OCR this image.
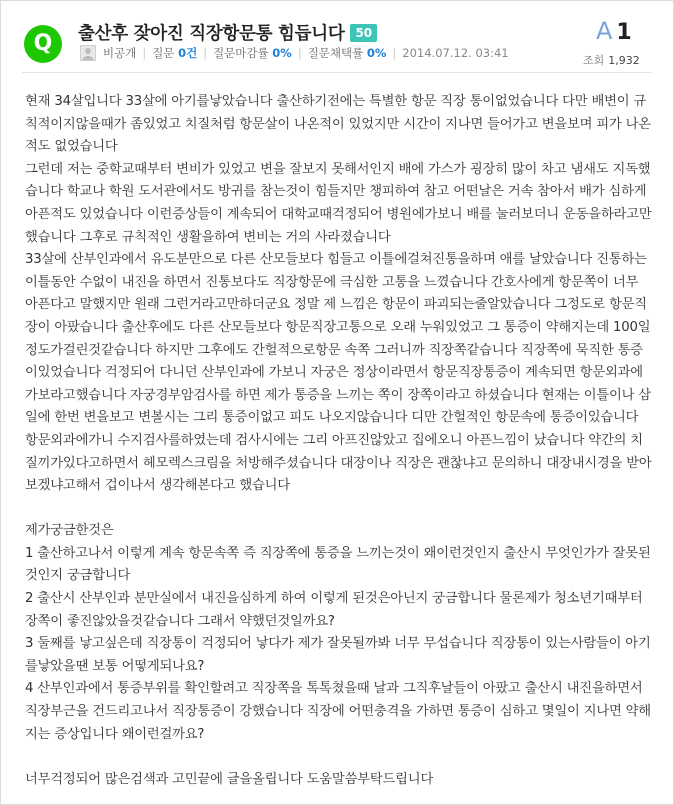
Q	출산후 잦아진 직장항문통 힘듭니다 50
비공개 | 질문
0건 | 질문마감률
0% | 질문채택률
0% | 2014.07.12. 03:41
A 1
조회 1,932

현재 34살입니다 33살에 아기를낳았습니다 출산하기전에는 특별한 항문 직장 통이없었습니다 다만 배변이 규칙적이지않을때가 좀있었고 치질처럼 항문살이 나온적이 있었지만 시간이 지나면 들어가고 변을보며 피가 나온적도 없었습니다

그런데 저는 중학교때부터 변비가 있었고 변을 잘보지 못해서인지 배에 가스가 굉장히 많이 차고 냄새도 지독했습니다 학교나 학원 도서관에서도 방귀를 참는것이 힘들지만 챙피하여 참고 어떤날은 거속 참아서 배가 심하게아픈적도 있었습니다 이런증상들이 계속되어 대학교때걱정되어 병원에가보니 배를 눌러보더니 운동을하라고만했습니다 그후로 규칙적인 생활을하여 변비는 거의 사라졌습니다

33살에 산부인과에서 유도분만으로 다른 산모들보다 힘들고 이틀에걸쳐진통을하며 애를 날았습니다 진통하는 이틀동안 수없이 내진을 하면서 진통보다도 직장항문에 극심한 고통을 느꼈습니다 간호사에게 항문쪽이 너무 아픈다고 말했지만 원래 그런거라고만하더군요 정말 제 느낌은 항문이 파괴되는줄알았습니다 그정도로 항문직장이 아팠습니다 출산후에도 다른 산모들보다 항문직장고통으로 오래 누워있었고 그 통증이 약해지는데 100일정도가걸린것같습니다 하지만 그후에도 간헐적으로항문 속쪽 그러니까 직장쪽같습니다 직장쪽에 묵직한 통증이있었습니다 걱정되어 다니던 산부인과에 가보니 자궁은 정상이라면서 항문직장통증이 계속되면 항문외과에가보라고했습니다 자궁경부암검사를 하면 제가 통증을 느끼는 쪽이 장쪽이라고 하셨습니다 현재는 이틀이나 삼일에 한번 변을보고 변볼시는 그리 통증이없고 피도 나오지않습니다 디만 간헐적인 항문속에 통증이있습니다 항문외과에가니 수지검사를하였는데 검사시에는 그리 아프진않았고 집에오니 아픈느낌이 났습니다 약간의 치질끼가있다고하면서 헤모렉스크림을 처방해주셨습니다 대장이나 직장은 괜찮냐고 문의하니 대장내시경을 받아보겠냐고해서 겁이나서 생각해본다고 했습니다

제가궁금한것은

1 출산하고나서 이렇게 계속 항문속쪽 즉 직장쪽에 통증을 느끼는것이 왜이런것인지 출산시 무엇인가가 잘못된것인지 궁금합니다

2 출산시 산부인과 분만실에서 내진을심하게 하여 이렇게 된것은아닌지 궁금합니다 물론제가 청소년기때부터 장쪽이 좋진않았을것같습니다 그래서 약했던것일까요?

3 둘째를 낳고싶은데 직장통이 걱정되어 낳다가 제가 잘못될까봐 너무 무섭습니다 직장통이 있는사람들이 아기를낳았을땐 보통 어떻게되나요?

4 산부인과에서 통증부위를 확인할려고 직장쪽을 톡톡쳤을때 날과 그직후날들이 아팠고 출산시 내진을하면서 직장부근을 건드리고나서 직장통증이 강했습니다 직장에 어떤충격을 가하면 통증이 심하고 몇일이 지나면 약해지는 증상입니다 왜이런걸까요?

너무걱정되어 많은검색과 고민끝에 글을올립니다 도움말씀부탁드립니다
